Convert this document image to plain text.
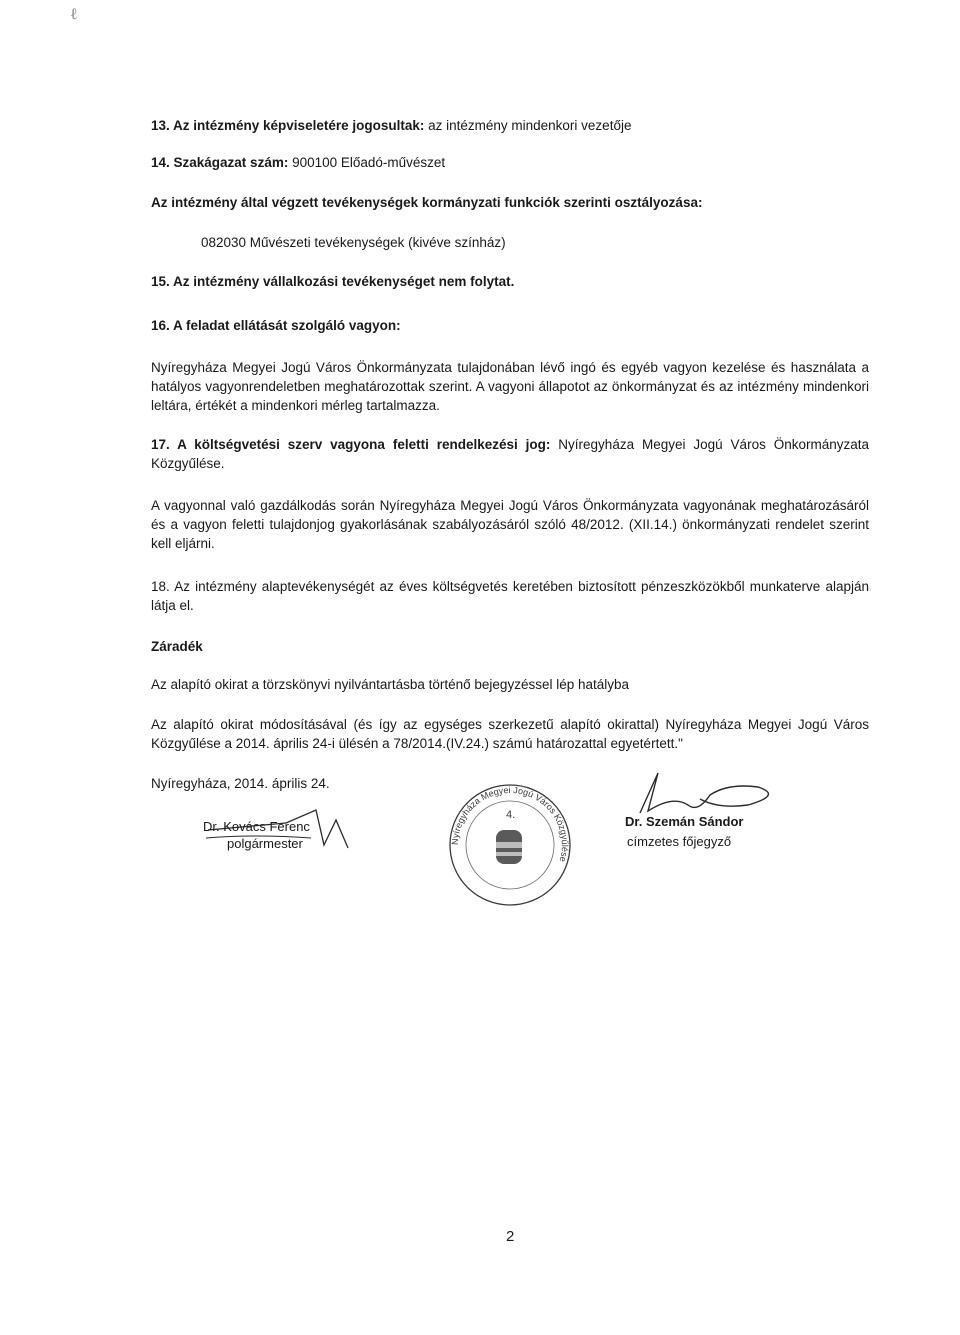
ℓ
13. Az intézmény képviseletére jogosultak: az intézmény mindenkori vezetője
14. Szakágazat szám: 900100 Előadó-művészet
Az intézmény által végzett tevékenységek kormányzati funkciók szerinti osztályozása:
082030 Művészeti tevékenységek (kivéve színház)
15. Az intézmény vállalkozási tevékenységet nem folytat.
16. A feladat ellátását szolgáló vagyon:
Nyíregyháza Megyei Jogú Város Önkormányzata tulajdonában lévő ingó és egyéb vagyon kezelése és használata a hatályos vagyonrendeletben meghatározottak szerint. A vagyoni állapotot az önkormányzat és az intézmény mindenkori leltára, értékét a mindenkori mérleg tartalmazza.
17. A költségvetési szerv vagyona feletti rendelkezési jog: Nyíregyháza Megyei Jogú Város Önkormányzata Közgyűlése.
A vagyonnal való gazdálkodás során Nyíregyháza Megyei Jogú Város Önkormányzata vagyonának meghatározásáról és a vagyon feletti tulajdonjog gyakorlásának szabályozásáról szóló 48/2012. (XII.14.) önkormányzati rendelet szerint kell eljárni.
18. Az intézmény alaptevékenységét az éves költségvetés keretében biztosított pénzeszközökből munkaterve alapján látja el.
Záradék
Az alapító okirat a törzskönyvi nyilvántartásba történő bejegyzéssel lép hatályba
Az alapító okirat módosításával (és így az egységes szerkezetű alapító okirattal) Nyíregyháza Megyei Jogú Város Közgyűlése a 2014. április 24-i ülésén a 78/2014.(IV.24.) számú határozattal egyetértett."
Nyíregyháza, 2014. április 24.
Dr. Kovács Ferenc
polgármester	Nyíregyháza Megyei Jogú Város Közgyűlése
4.	Dr. Szemán Sándor
címzetes főjegyző
2
